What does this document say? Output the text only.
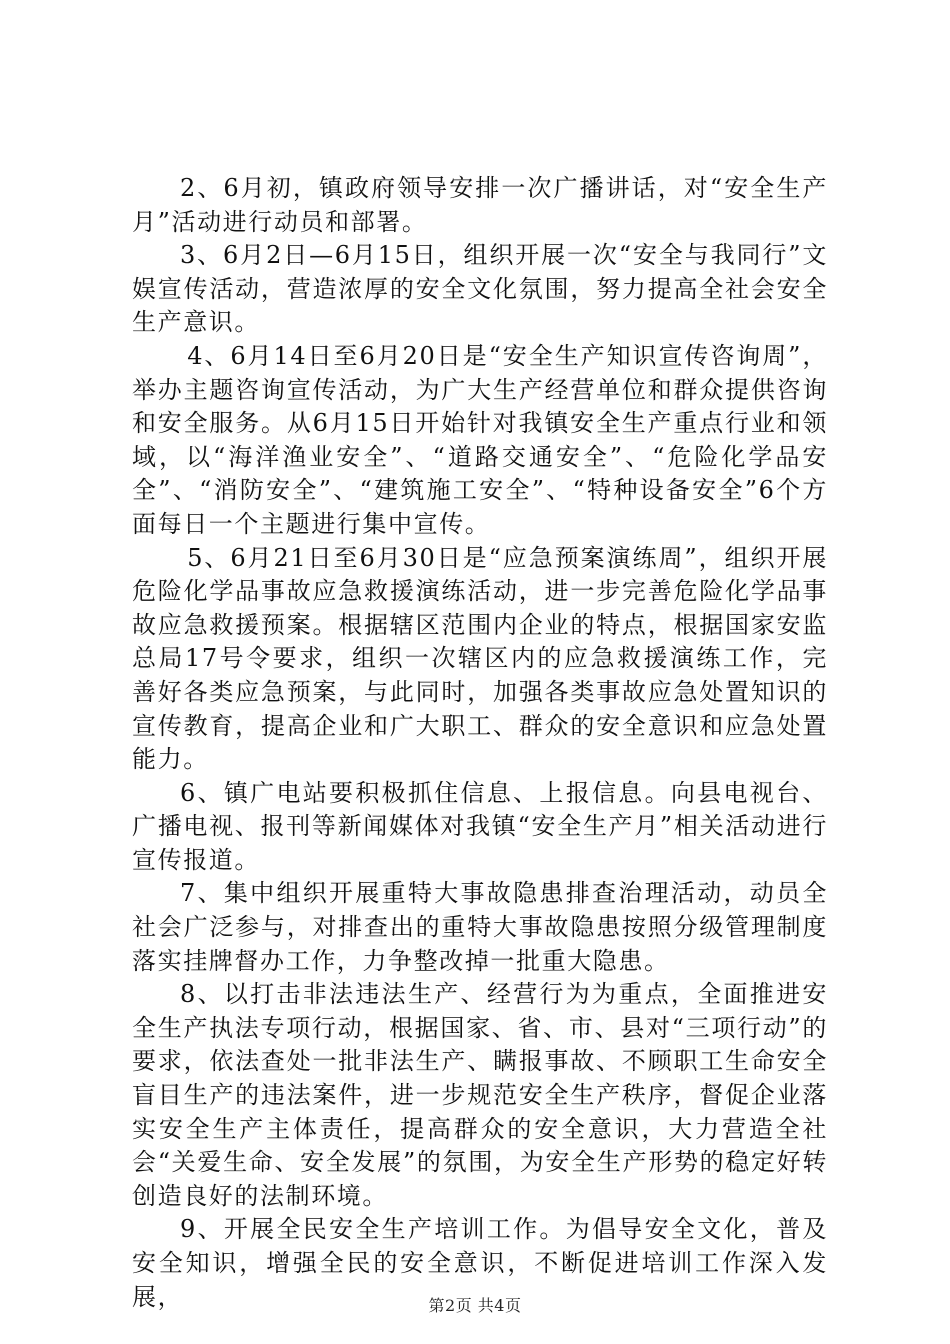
2、6月初，镇政府领导安排一次广播讲话，对“安全生产月”活动进行动员和部署。

3、6月2日—6月15日，组织开展一次“安全与我同行”文娱宣传活动，营造浓厚的安全文化氛围，努力提高全社会安全生产意识。

4、6月14日至6月20日是“安全生产知识宣传咨询周”，举办主题咨询宣传活动，为广大生产经营单位和群众提供咨询和安全服务。从6月15日开始针对我镇安全生产重点行业和领域，以“海洋渔业安全”、“道路交通安全”、“危险化学品安全”、“消防安全”、“建筑施工安全”、“特种设备安全”6个方面每日一个主题进行集中宣传。

5、6月21日至6月30日是“应急预案演练周”，组织开展危险化学品事故应急救援演练活动，进一步完善危险化学品事故应急救援预案。根据辖区范围内企业的特点，根据国家安监总局17号令要求，组织一次辖区内的应急救援演练工作，完善好各类应急预案，与此同时，加强各类事故应急处置知识的宣传教育，提高企业和广大职工、群众的安全意识和应急处置能力。

6、镇广电站要积极抓住信息、上报信息。向县电视台、广播电视、报刊等新闻媒体对我镇“安全生产月”相关活动进行宣传报道。

7、集中组织开展重特大事故隐患排查治理活动，动员全社会广泛参与，对排查出的重特大事故隐患按照分级管理制度落实挂牌督办工作，力争整改掉一批重大隐患。

8、以打击非法违法生产、经营行为为重点，全面推进安全生产执法专项行动，根据国家、省、市、县对“三项行动”的要求，依法查处一批非法生产、瞒报事故、不顾职工生命安全盲目生产的违法案件，进一步规范安全生产秩序，督促企业落实安全生产主体责任，提高群众的安全意识，大力营造全社会“关爱生命、安全发展”的氛围，为安全生产形势的稳定好转创造良好的法制环境。

9、开展全民安全生产培训工作。为倡导安全文化，普及安全知识，增强全民的安全意识，不断促进培训工作深入发展，	第2页 共4页
